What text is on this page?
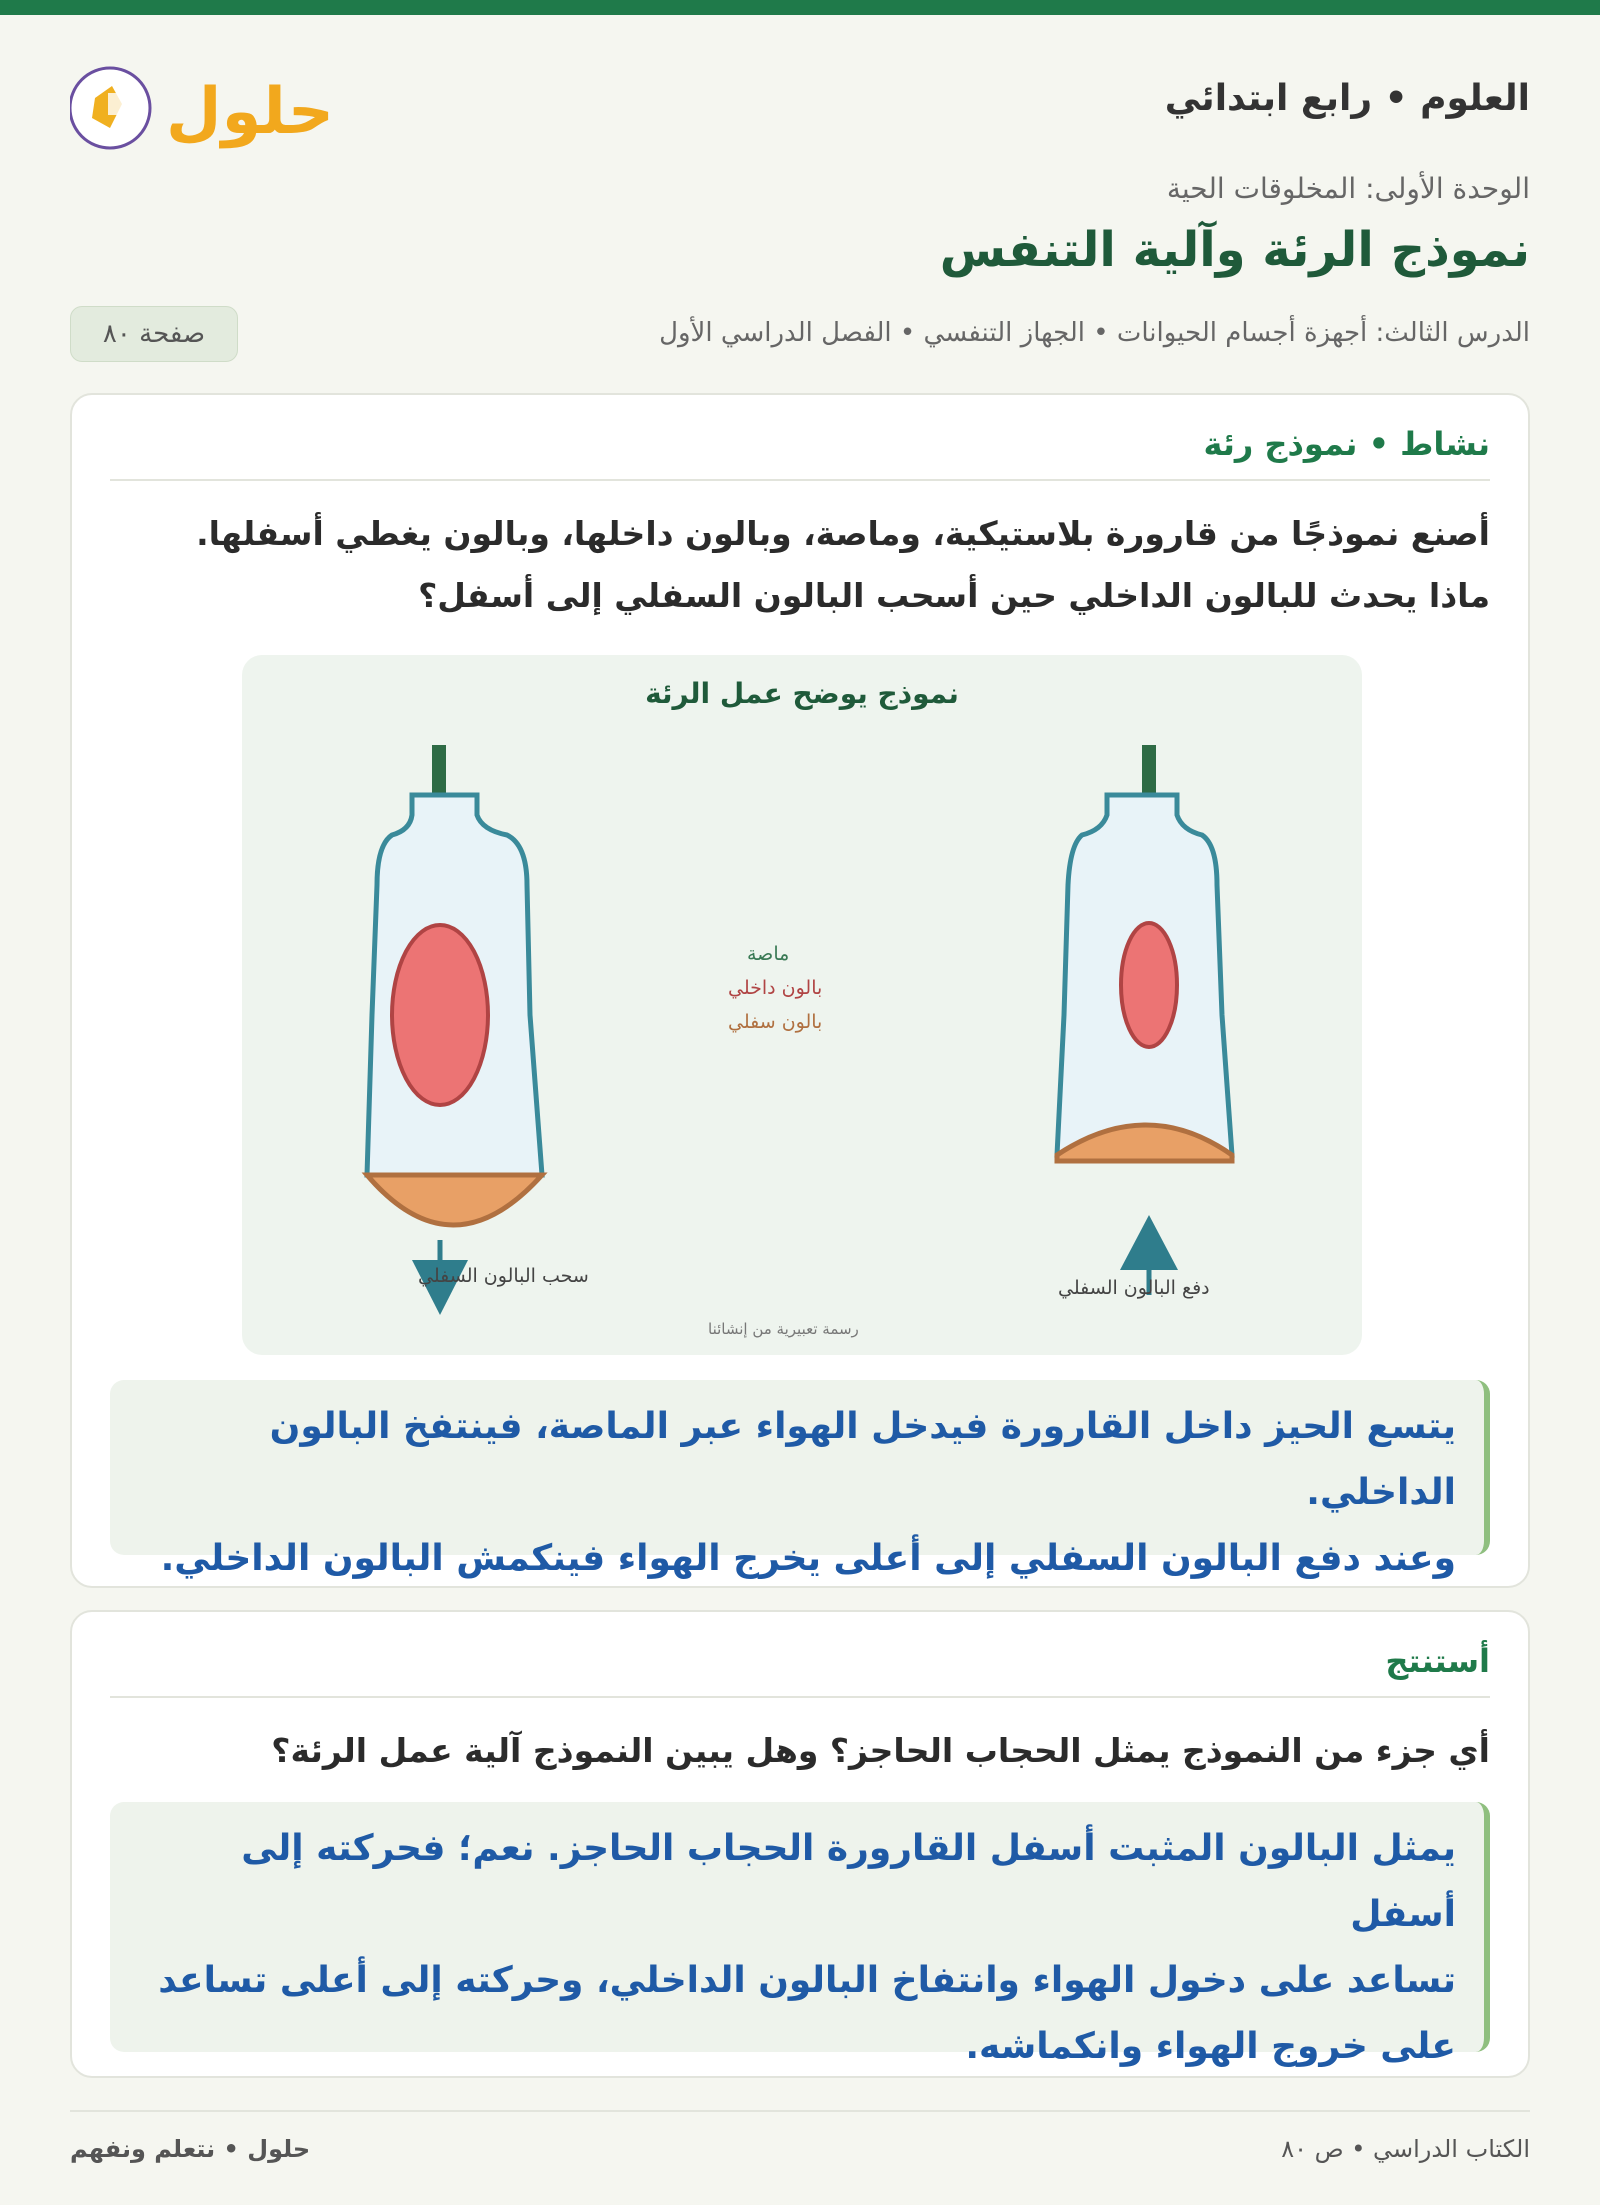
حلول	العلوم • رابع ابتدائي
الوحدة الأولى: المخلوقات الحية
نموذج الرئة وآلية التنفس
الدرس الثالث: أجهزة أجسام الحيوانات • الجهاز التنفسي • الفصل الدراسي الأول
صفحة ٨٠
نشاط • نموذج رئة
أصنع نموذجًا من قارورة بلاستيكية، وماصة، وبالون داخلها، وبالون يغطي أسفلها.
ماذا يحدث للبالون الداخلي حين أسحب البالون السفلي إلى أسفل؟
نموذج يوضح عمل الرئة
ماصة
بالون داخلي
بالون سفلي
سحب البالون السفلي
دفع البالون السفلي
رسمة تعبيرية من إنشائنا
يتسع الحيز داخل القارورة فيدخل الهواء عبر الماصة، فينتفخ البالون الداخلي.
وعند دفع البالون السفلي إلى أعلى يخرج الهواء فينكمش البالون الداخلي.
أستنتج
أي جزء من النموذج يمثل الحجاب الحاجز؟ وهل يبين النموذج آلية عمل الرئة؟
يمثل البالون المثبت أسفل القارورة الحجاب الحاجز. نعم؛ فحركته إلى أسفل
تساعد على دخول الهواء وانتفاخ البالون الداخلي، وحركته إلى أعلى تساعد
على خروج الهواء وانكماشه.
الكتاب الدراسي • ص ٨٠
حلول • نتعلم ونفهم
